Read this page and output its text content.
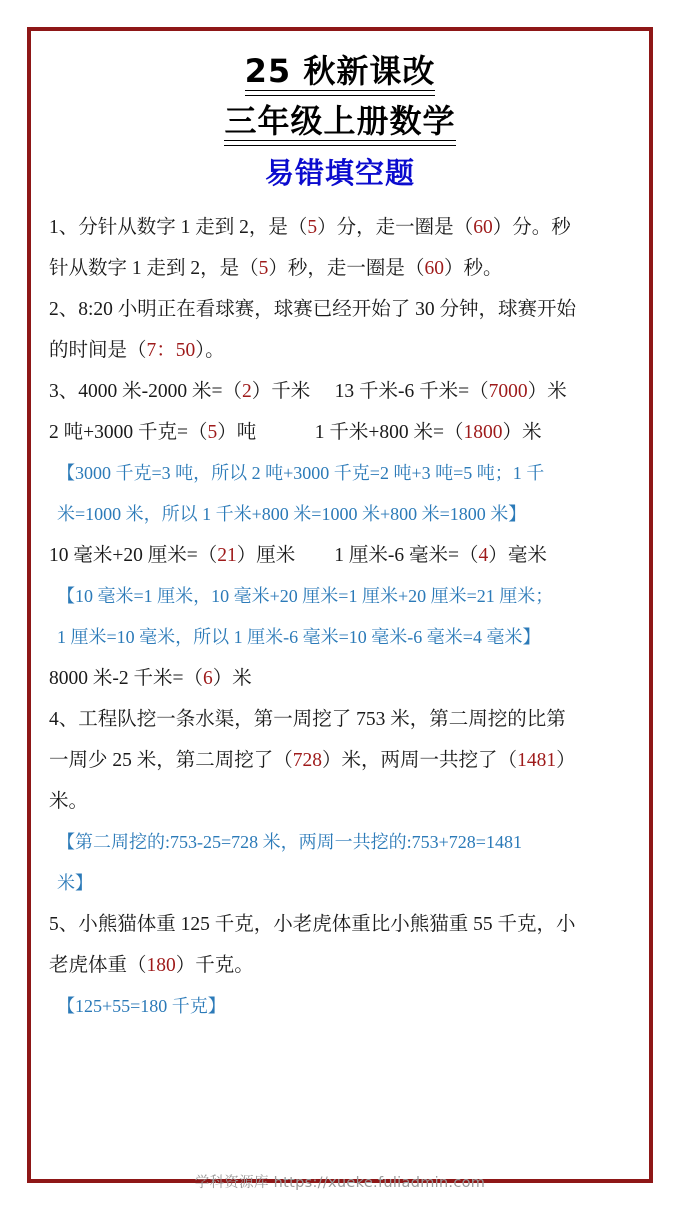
25 秋新课改
三年级上册数学
易错填空题
1、分针从数字 1 走到 2，是（5）分，走一圈是（60）分。秒
针从数字 1 走到 2，是（5）秒，走一圈是（60）秒。
2、8:20 小明正在看球赛，球赛已经开始了 30 分钟，球赛开始
的时间是（7：50）。
3、4000 米-2000 米=（2）千米     13 千米-6 千米=（7000）米
2 吨+3000 千克=（5）吨            1 千米+800 米=（1800）米
【3000 千克=3 吨，所以 2 吨+3000 千克=2 吨+3 吨=5 吨；1 千
米=1000 米，所以 1 千米+800 米=1000 米+800 米=1800 米】
10 毫米+20 厘米=（21）厘米        1 厘米-6 毫米=（4）毫米
【10 毫米=1 厘米，10 毫米+20 厘米=1 厘米+20 厘米=21 厘米；
1 厘米=10 毫米，所以 1 厘米-6 毫米=10 毫米-6 毫米=4 毫米】
8000 米-2 千米=（6）米
4、工程队挖一条水渠，第一周挖了 753 米，第二周挖的比第
一周少 25 米，第二周挖了（728）米，两周一共挖了（1481）
米。
【第二周挖的:753-25=728 米，两周一共挖的:753+728=1481
米】
5、小熊猫体重 125 千克，小老虎体重比小熊猫重 55 千克，小
老虎体重（180）千克。
【125+55=180 千克】
学科资源库 https://xueke.fuliadmin.com
